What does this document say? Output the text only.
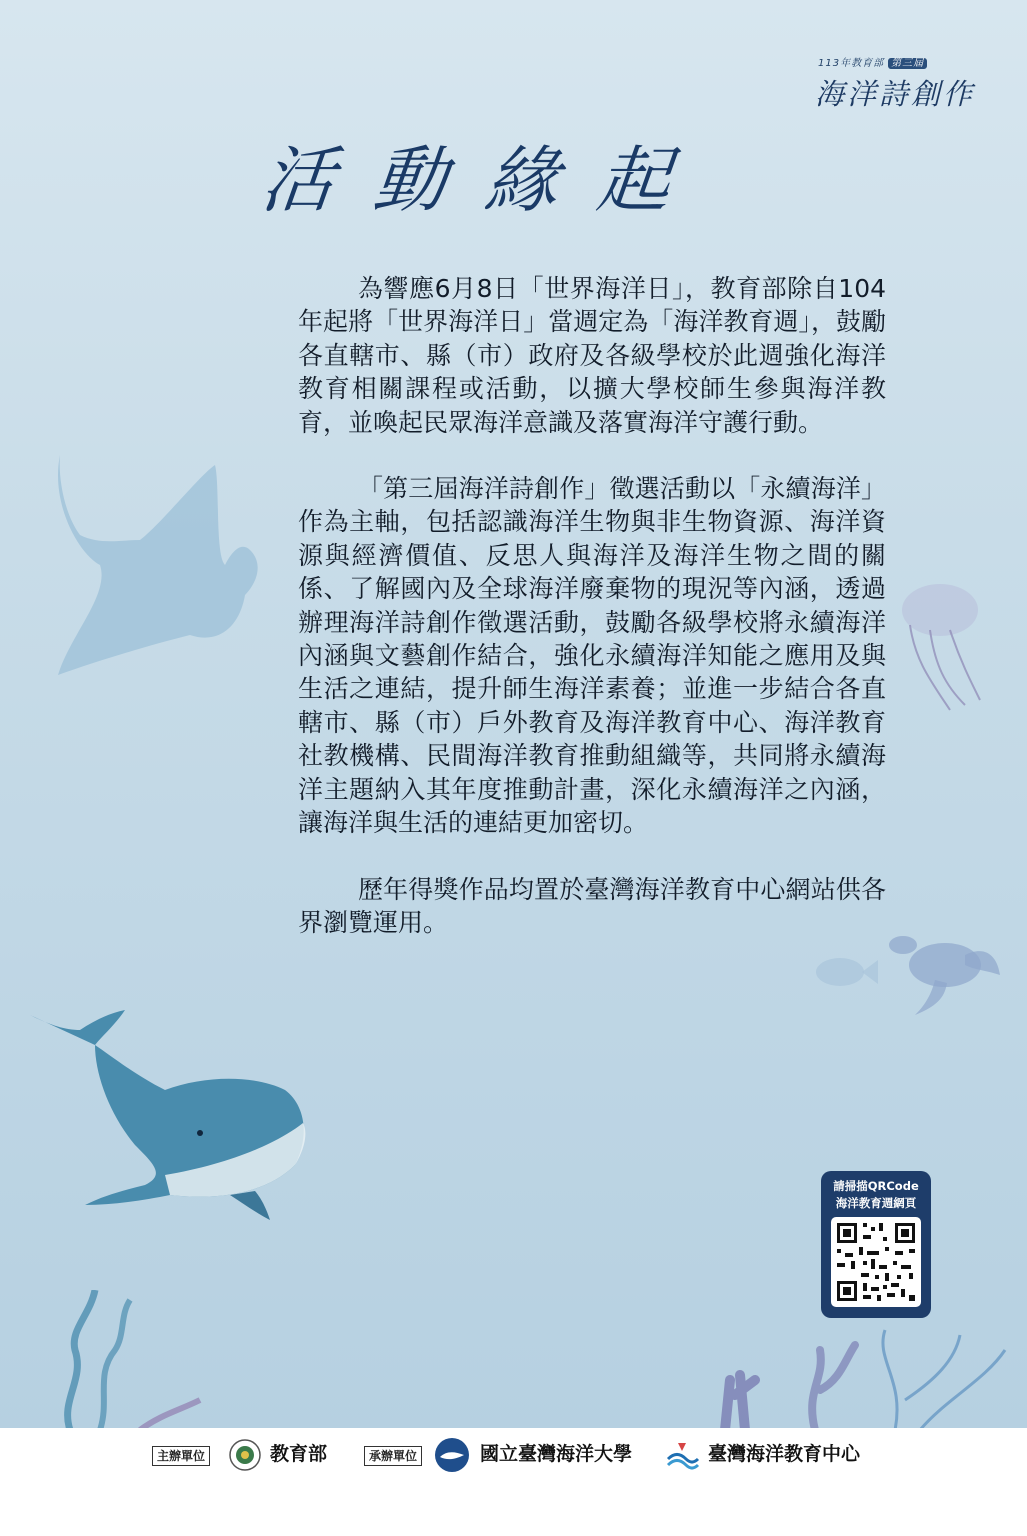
113年教育部 第三屆
海洋詩創作
活動緣起

為響應6月8日「世界海洋日」，教育部除自104年起將「世界海洋日」當週定為「海洋教育週」，鼓勵各直轄市、縣（市）政府及各級學校於此週強化海洋教育相關課程或活動，以擴大學校師生參與海洋教育，並喚起民眾海洋意識及落實海洋守護行動。

「第三屆海洋詩創作」徵選活動以「永續海洋」作為主軸，包括認識海洋生物與非生物資源、海洋資源與經濟價值、反思人與海洋及海洋生物之間的關係、了解國內及全球海洋廢棄物的現況等內涵，透過辦理海洋詩創作徵選活動，鼓勵各級學校將永續海洋內涵與文藝創作結合，強化永續海洋知能之應用及與生活之連結，提升師生海洋素養；並進一步結合各直轄市、縣（市）戶外教育及海洋教育中心、海洋教育社教機構、民間海洋教育推動組織等，共同將永續海洋主題納入其年度推動計畫，深化永續海洋之內涵，讓海洋與生活的連結更加密切。

歷年得獎作品均置於臺灣海洋教育中心網站供各界瀏覽運用。

請掃描QRCode
海洋教育週網頁
主辦單位	教育部	承辦單位	國立臺灣海洋大學	臺灣海洋教育中心
